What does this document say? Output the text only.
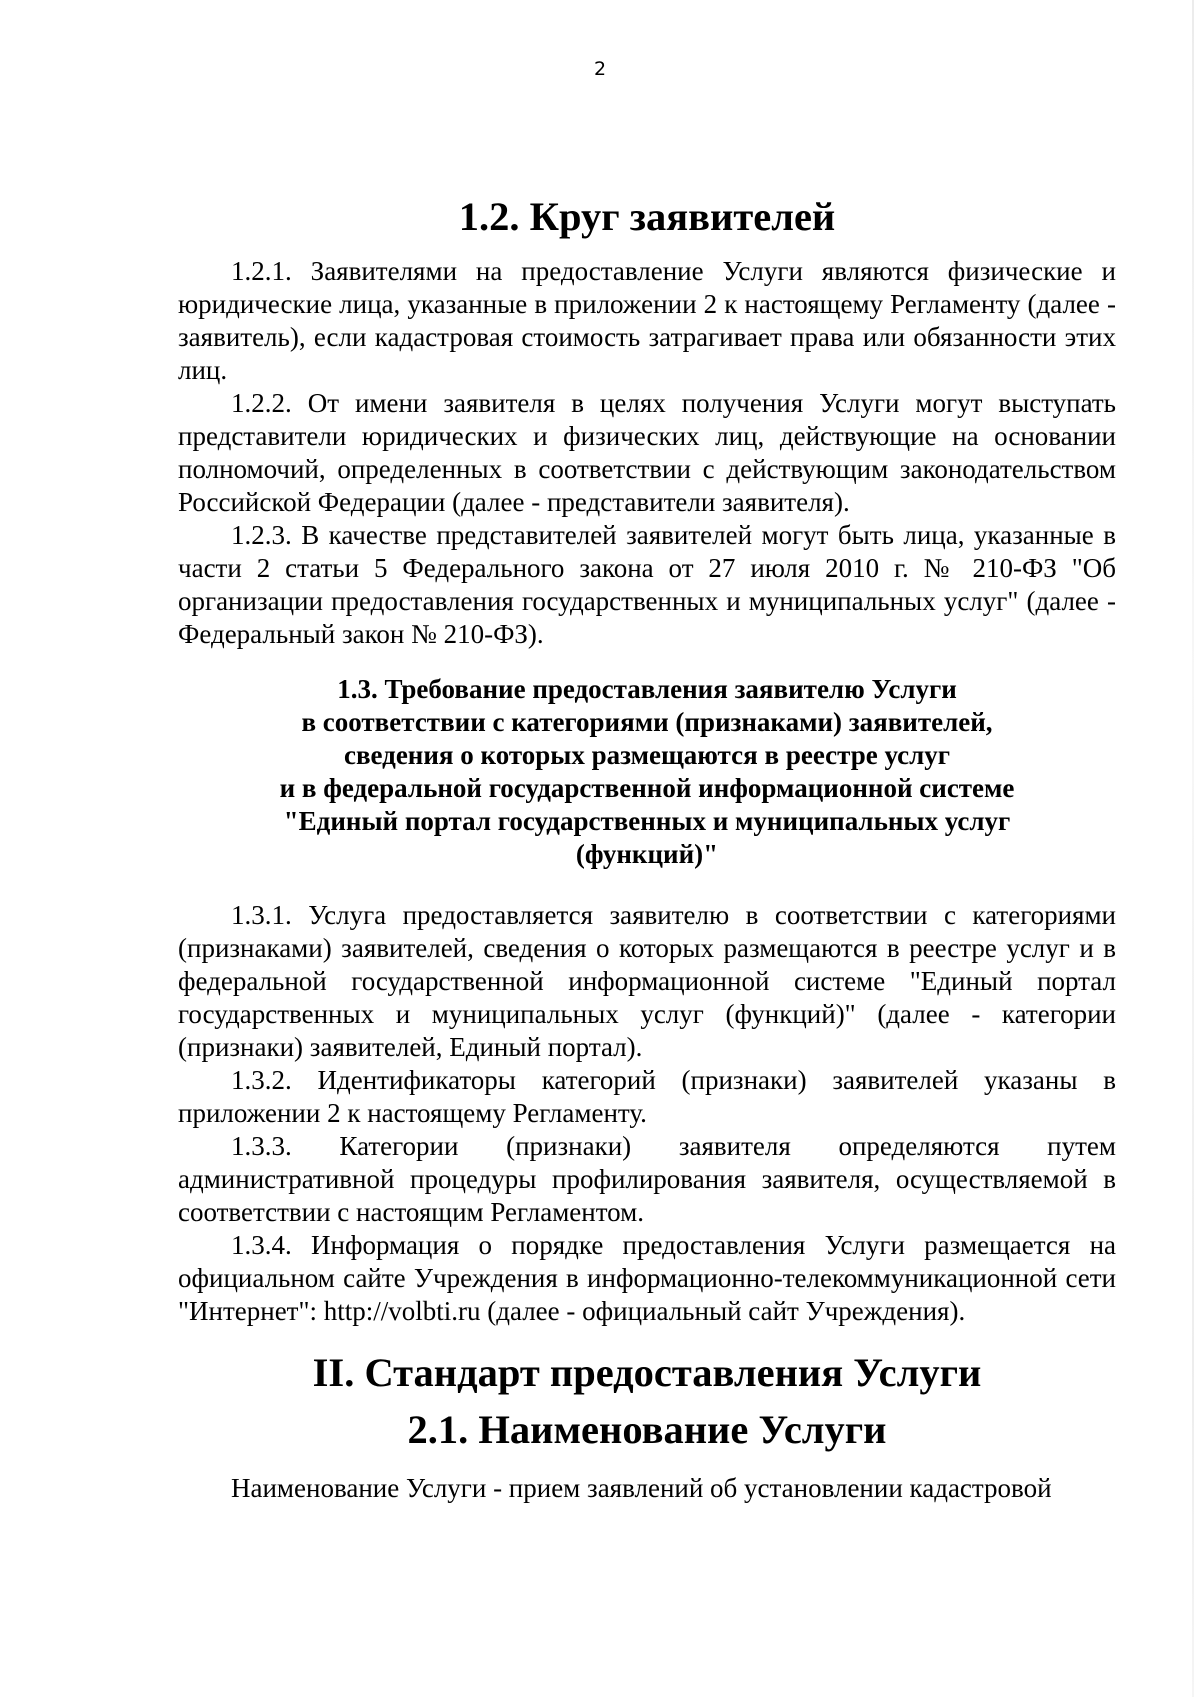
2
1.2. Круг заявителей

1.2.1. Заявителями на предоставление Услуги являются физические и юридические лица, указанные в приложении 2 к настоящему Регламенту (далее - заявитель), если кадастровая стоимость затрагивает права или обязанности этих лиц.

1.2.2. От имени заявителя в целях получения Услуги могут выступать представители юридических и физических лиц, действующие на основании полномочий, определенных в соответствии с действующим законодательством Российской Федерации (далее - представители заявителя).

1.2.3. В качестве представителей заявителей могут быть лица, указанные в части 2 статьи 5 Федерального закона от 27 июля 2010 г. № 210-ФЗ "Об организации предоставления государственных и муниципальных услуг" (далее - Федеральный закон № 210-ФЗ).

1.3. Требование предоставления заявителю Услуги
в соответствии с категориями (признаками) заявителей,
сведения о которых размещаются в реестре услуг
и в федеральной государственной информационной системе
"Единый портал государственных и муниципальных услуг
(функций)"

1.3.1. Услуга предоставляется заявителю в соответствии с категориями (признаками) заявителей, сведения о которых размещаются в реестре услуг и в федеральной государственной информационной системе "Единый портал государственных и муниципальных услуг (функций)" (далее - категории (признаки) заявителей, Единый портал).

1.3.2. Идентификаторы категорий (признаки) заявителей указаны в приложении 2 к настоящему Регламенту.

1.3.3. Категории (признаки) заявителя определяются путем административной процедуры профилирования заявителя, осуществляемой в соответствии с настоящим Регламентом.

1.3.4. Информация о порядке предоставления Услуги размещается на официальном сайте Учреждения в информационно-телекоммуникационной сети "Интернет": http://volbti.ru (далее - официальный сайт Учреждения).

II. Стандарт предоставления Услуги
2.1. Наименование Услуги

Наименование Услуги - прием заявлений об установлении кадастровой
